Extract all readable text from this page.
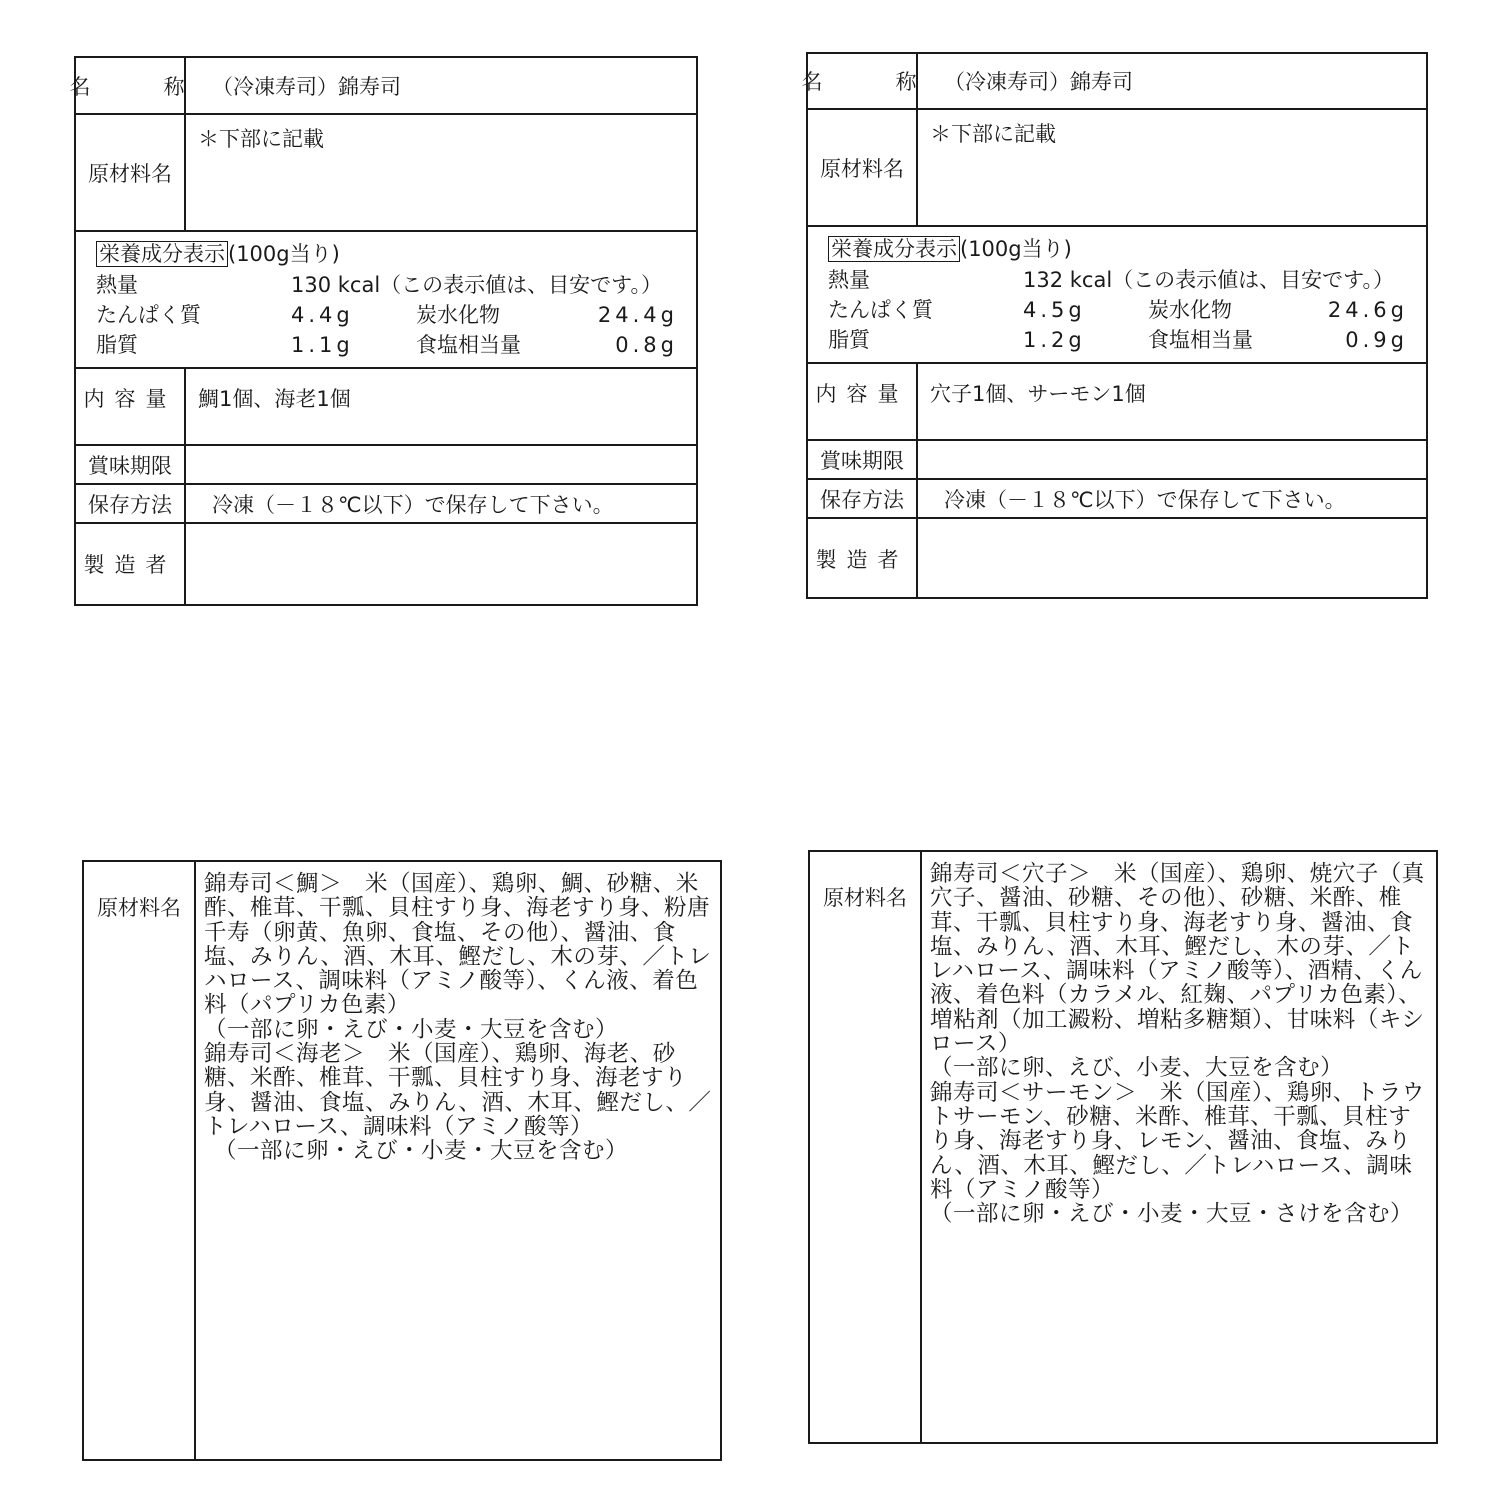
名　称 （冷凍寿司）錦寿司
原材料名
＊下部に記載
栄養成分表示 (100g当り)
熱量	130 kcal（この表示値は、目安です。）
たんぱく質	4.4g	炭水化物	24.4g
脂質	1.1g	食塩相当量	0.8g
内容量	鯛1個、海老1個
賞味期限
保存方法	冷凍（－１８℃以下）で保存して下さい。
製造者
名　称 （冷凍寿司）錦寿司
原材料名
＊下部に記載
栄養成分表示 (100g当り)
熱量	132 kcal（この表示値は、目安です。）
たんぱく質	4.5g	炭水化物	24.6g
脂質	1.2g	食塩相当量	0.9g
内容量	穴子1個、サーモン1個
賞味期限
保存方法	冷凍（－１８℃以下）で保存して下さい。
製造者
原材料名

錦寿司＜鯛＞　米（国産）、鶏卵、鯛、砂糖、米酢、椎茸、干瓢、貝柱すり身、海老すり身、粉唐千寿（卵黄、魚卵、食塩、その他）、醤油、食塩、みりん、酒、木耳、鰹だし、木の芽、／トレハロース、調味料（アミノ酸等）、くん液、着色料（パプリカ色素）

（一部に卵・えび・小麦・大豆を含む）

錦寿司＜海老＞　米（国産）、鶏卵、海老、砂糖、米酢、椎茸、干瓢、貝柱すり身、海老すり身、醤油、食塩、みりん、酒、木耳、鰹だし、／トレハロース、調味料（アミノ酸等）

（一部に卵・えび・小麦・大豆を含む）

原材料名

錦寿司＜穴子＞　米（国産）、鶏卵、焼穴子（真穴子、醤油、砂糖、その他）、砂糖、米酢、椎茸、干瓢、貝柱すり身、海老すり身、醤油、食塩、みりん、酒、木耳、鰹だし、木の芽、／トレハロース、調味料（アミノ酸等）、酒精、くん液、着色料（カラメル、紅麹、パプリカ色素）、増粘剤（加工澱粉、増粘多糖類）、甘味料（キシロース）

（一部に卵、えび、小麦、大豆を含む）

錦寿司＜サーモン＞　米（国産）、鶏卵、トラウトサーモン、砂糖、米酢、椎茸、干瓢、貝柱すり身、海老すり身、レモン、醤油、食塩、みりん、酒、木耳、鰹だし、／トレハロース、調味料（アミノ酸等）

（一部に卵・えび・小麦・大豆・さけを含む）
